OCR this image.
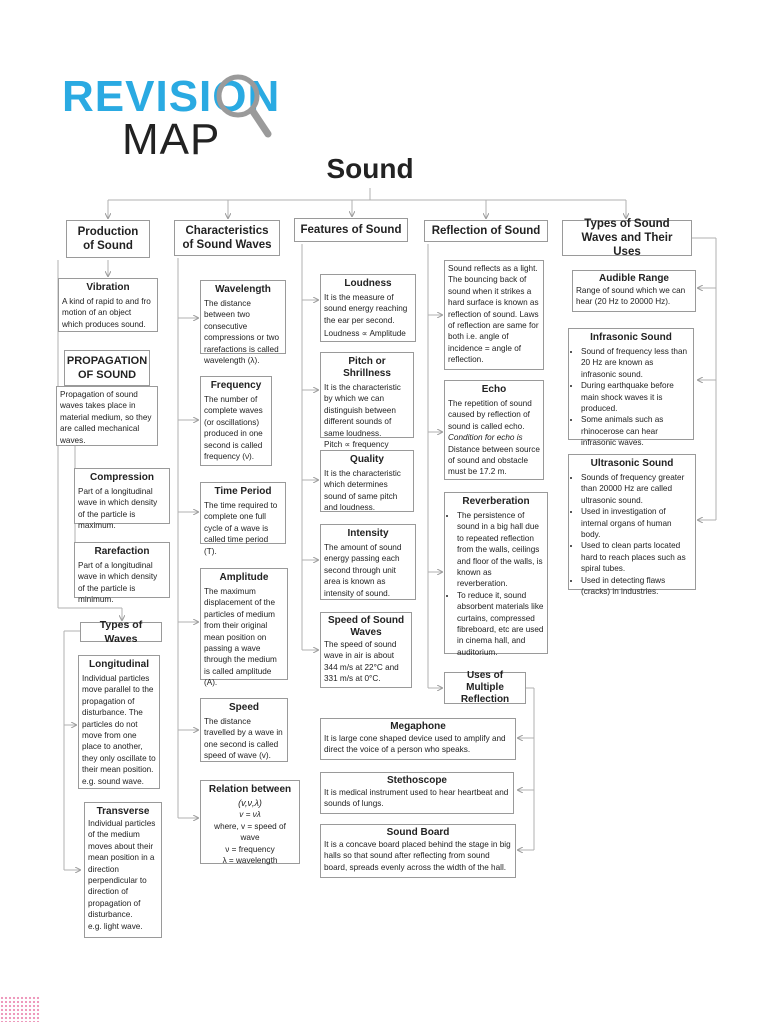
REVISION
MAP
Sound
Production of Sound
Characteristics of Sound Waves
Features of Sound	Reflection of Sound
Types of Sound Waves and Their Uses
Vibration
A kind of rapid to and fro motion of an object which produces sound.
PROPAGATION OF SOUND
Propagation of sound waves takes place in material medium, so they are called mechanical waves.
Compression
Part of a longitudinal wave in which density of the particle is maximum.
Rarefaction
Part of a longitudinal wave in which density of the particle is minimum.
Types of Waves
Longitudinal
Individual particles move parallel to the propagation of disturbance. The particles do not move from one place to another, they only oscillate to their mean position.
e.g. sound wave.
Transverse
Individual particles of the medium moves about their mean position in a direction perpendicular to direction of propagation of disturbance.
e.g. light wave.
Wavelength
The distance between two consecutive compressions or two rarefactions is called wavelength (λ).
Frequency
The number of complete waves (or oscillations) produced in one second is called frequency (ν).
Time Period
The time required to complete one full cycle of a wave is called time period (T).
Amplitude
The maximum displacement of the particles of medium from their original mean position on passing a wave through the medium is called amplitude (A).
Speed
The distance travelled by a wave in one second is called speed of wave (v).
Relation between
(v,ν,λ)
v = νλ
where, v = speed of wave
ν = frequency
λ = wavelength
Loudness
It is the measure of sound energy reaching the ear per second.
Loudness ∝ Amplitude
Pitch or Shrillness
It is the characteristic by which we can distinguish between different sounds of same loudness.
Pitch ∝ frequency
Quality
It is the characteristic which determines sound of same pitch and loudness.
Intensity
The amount of sound energy passing each second through unit area is known as intensity of sound.
Speed of Sound Waves
The speed of sound wave in air is about 344 m/s at 22°C and 331 m/s at 0°C.
Sound reflects as a light. The bouncing back of sound when it strikes a hard surface is known as reflection of sound. Laws of reflection are same for both i.e. angle of incidence = angle of reflection.
Echo
The repetition of sound caused by reflection of sound is called echo.
Condition for echo is
Distance between source of sound and obstacle must be 17.2 m.
Reverberation
• The persistence of sound in a big hall due to repeated reflection from the walls, ceilings and floor of the walls, is known as reverberation.
• To reduce it, sound absorbent materials like curtains, compressed fibreboard, etc are used in cinema hall, and auditorium.
Uses of Multiple Reflection
Megaphone
It is large cone shaped device used to amplify and direct the voice of a person who speaks.
Stethoscope
It is medical instrument used to hear heartbeat and sounds of lungs.
Sound Board
It is a concave board placed behind the stage in big halls so that sound after reflecting from sound board, spreads evenly across the width of the hall.
Audible Range
Range of sound which we can hear (20 Hz to 20000 Hz).
Infrasonic Sound
• Sound of frequency less than 20 Hz are known as infrasonic sound.
• During earthquake before main shock waves it is produced.
• Some animals such as rhinocerose can hear infrasonic waves.
Ultrasonic Sound
• Sounds of frequency greater than 20000 Hz are called ultrasonic sound.
• Used in investigation of internal organs of human body.
• Used to clean parts located hard to reach places such as spiral tubes.
• Used in detecting flaws (cracks) in industries.
